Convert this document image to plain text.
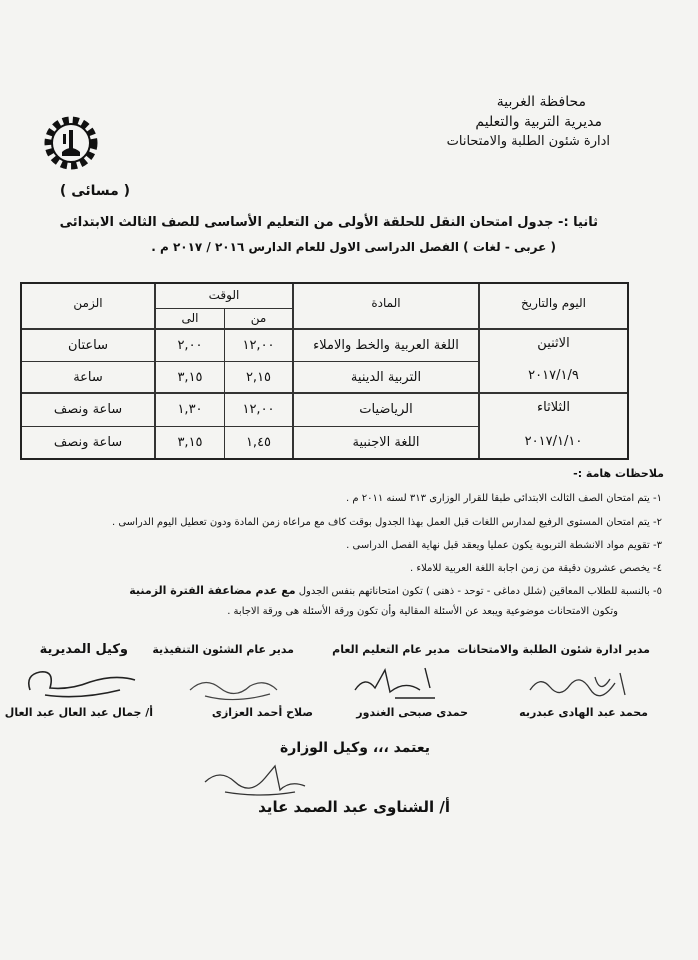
محافظة الغربية
مديرية التربية والتعليم
ادارة شئون الطلبة والامتحانات
( مسائى )
ثانيا :- جدول امتحان النقل للحلقة الأولى من التعليم الأساسى للصف الثالث الابتدائى
( عربى - لغات ) الفصل الدراسى الاول للعام الدارس ٢٠١٦ / ٢٠١٧ م .
اليوم والتاريخ
المادة
الوقت
من
الى
الزمن
الاثنين
٢٠١٧/١/٩
الثلاثاء
٢٠١٧/١/١٠
اللغة العربية والخط والاملاء
١٢,٠٠
٢,٠٠
ساعتان
التربية الدينية
٢,١٥
٣,١٥
ساعة
الرياضيات
١٢,٠٠
١,٣٠
ساعة ونصف
اللغة الاجنبية
١,٤٥
٣,١٥
ساعة ونصف
ملاحظات هامة :-
١- يتم امتحان الصف الثالث الابتدائى طبقا للقرار الوزارى ٣١٣ لسنه ٢٠١١ م .
٢- يتم امتحان المستوى الرفيع لمدارس اللغات قبل العمل بهذا الجدول بوقت كاف مع مراعاه زمن المادة ودون تعطيل اليوم الدراسى .
٣- تقويم مواد الانشطة التربوية يكون عمليا ويعقد قبل نهاية الفصل الدراسى .
٤- يخصص عشرون دقيقة من زمن اجابة اللغة العربية للاملاء .
٥- بالنسبة للطلاب المعاقين (شلل دماغى - توحد - ذهنى ) تكون امتحاناتهم بنفس الجدول مع عدم مضاعفة الفترة الزمنية
وتكون الامتحانات موضوعية ويبعد عن الأسئلة المقالية وأن تكون ورقة الأسئلة هى ورقة الاجابة .
مدير ادارة شئون الطلبة والامتحانات
مدير عام التعليم العام
مدير عام الشئون التنفيذية
وكيل المديرية
محمد عبد الهادى عبدربه
حمدى صبحى الغندور
صلاح أحمد العزازى
أ/ جمال عبد العال عبد العال
يعتمد ،،، وكيل الوزارة
أ/ الشناوى عبد الصمد عايد
